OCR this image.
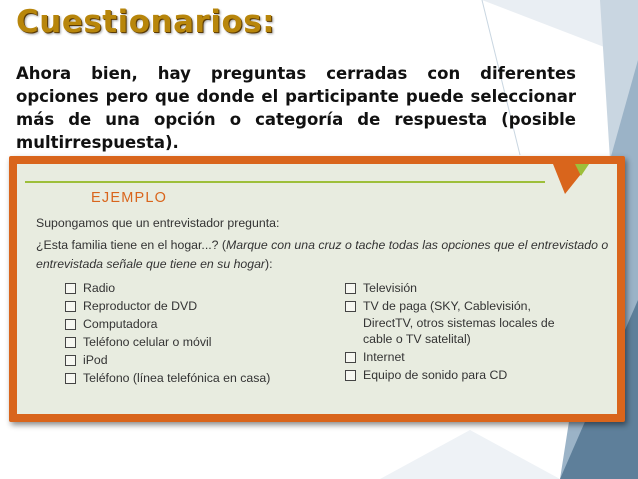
Cuestionarios:

Ahora bien, hay preguntas cerradas con diferentes opciones pero que donde el participante puede seleccionar más de una opción o categoría de respuesta (posible multirrespuesta).

EJEMPLO
Supongamos que un entrevistador pregunta:
¿Esta familia tiene en el hogar...? (Marque con una cruz o tache todas las opciones que el entrevistado o entrevistada señale que tiene en su hogar):
Radio
Reproductor de DVD
Computadora
Teléfono celular o móvil
iPod
Teléfono (línea telefónica en casa)
Televisión
TV de paga (SKY, Cablevisión, DirectTV, otros sistemas locales de cable o TV satelital)
Internet
Equipo de sonido para CD
